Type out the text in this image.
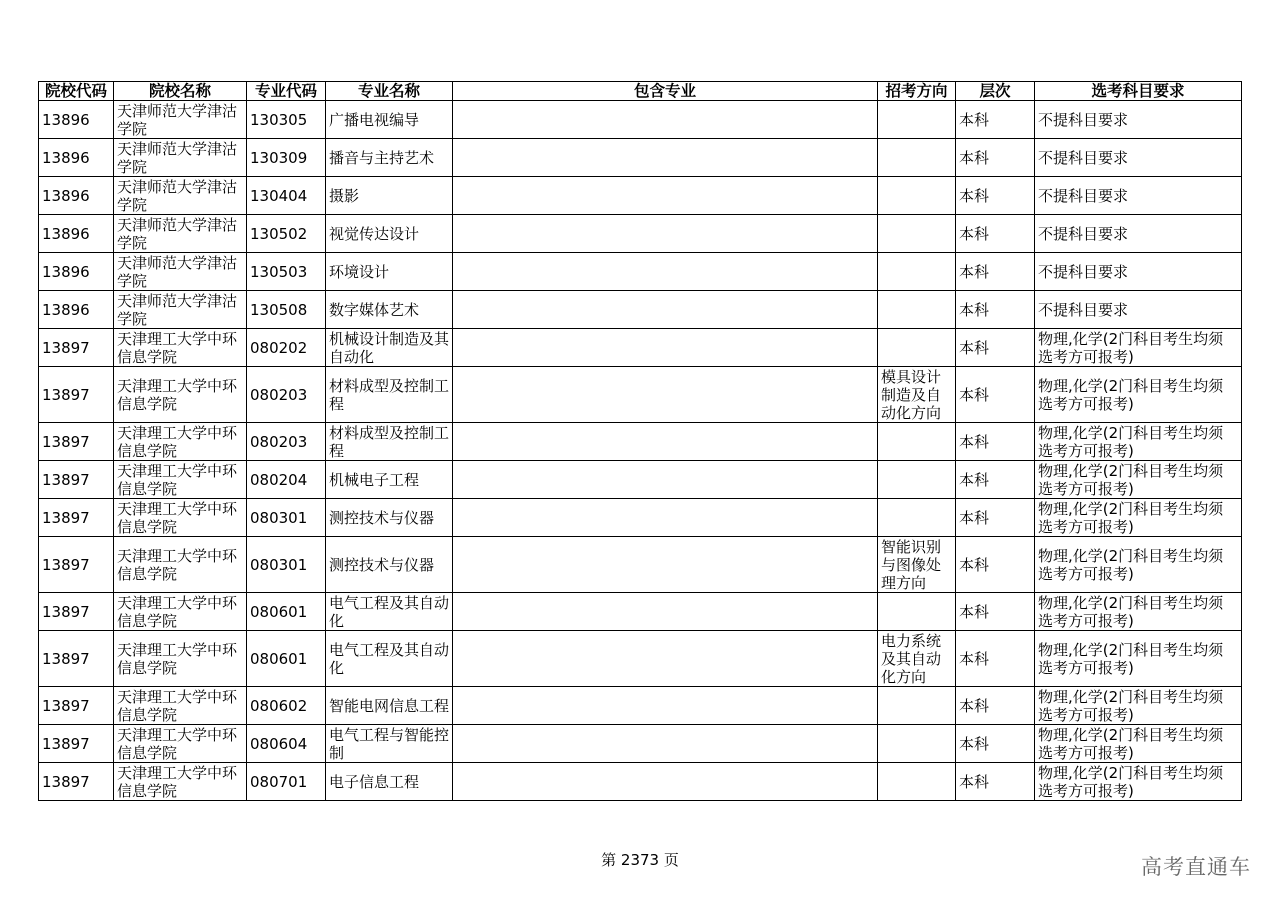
院校代码	院校名称	专业代码	专业名称	包含专业	招考方向	层次	选考科目要求
13896	天津师范大学津沽学院	130305	广播电视编导			本科	不提科目要求
13896	天津师范大学津沽学院	130309	播音与主持艺术			本科	不提科目要求
13896	天津师范大学津沽学院	130404	摄影			本科	不提科目要求
13896	天津师范大学津沽学院	130502	视觉传达设计			本科	不提科目要求
13896	天津师范大学津沽学院	130503	环境设计			本科	不提科目要求
13896	天津师范大学津沽学院	130508	数字媒体艺术			本科	不提科目要求
13897	天津理工大学中环信息学院	080202	机械设计制造及其自动化			本科	物理,化学(2门科目考生均须选考方可报考)
13897	天津理工大学中环信息学院	080203	材料成型及控制工程		模具设计制造及自动化方向	本科	物理,化学(2门科目考生均须选考方可报考)
13897	天津理工大学中环信息学院	080203	材料成型及控制工程			本科	物理,化学(2门科目考生均须选考方可报考)
13897	天津理工大学中环信息学院	080204	机械电子工程			本科	物理,化学(2门科目考生均须选考方可报考)
13897	天津理工大学中环信息学院	080301	测控技术与仪器			本科	物理,化学(2门科目考生均须选考方可报考)
13897	天津理工大学中环信息学院	080301	测控技术与仪器		智能识别与图像处理方向	本科	物理,化学(2门科目考生均须选考方可报考)
13897	天津理工大学中环信息学院	080601	电气工程及其自动化			本科	物理,化学(2门科目考生均须选考方可报考)
13897	天津理工大学中环信息学院	080601	电气工程及其自动化		电力系统及其自动化方向	本科	物理,化学(2门科目考生均须选考方可报考)
13897	天津理工大学中环信息学院	080602	智能电网信息工程			本科	物理,化学(2门科目考生均须选考方可报考)
13897	天津理工大学中环信息学院	080604	电气工程与智能控制			本科	物理,化学(2门科目考生均须选考方可报考)
13897	天津理工大学中环信息学院	080701	电子信息工程			本科	物理,化学(2门科目考生均须选考方可报考)
第 2373 页	高考直通车
